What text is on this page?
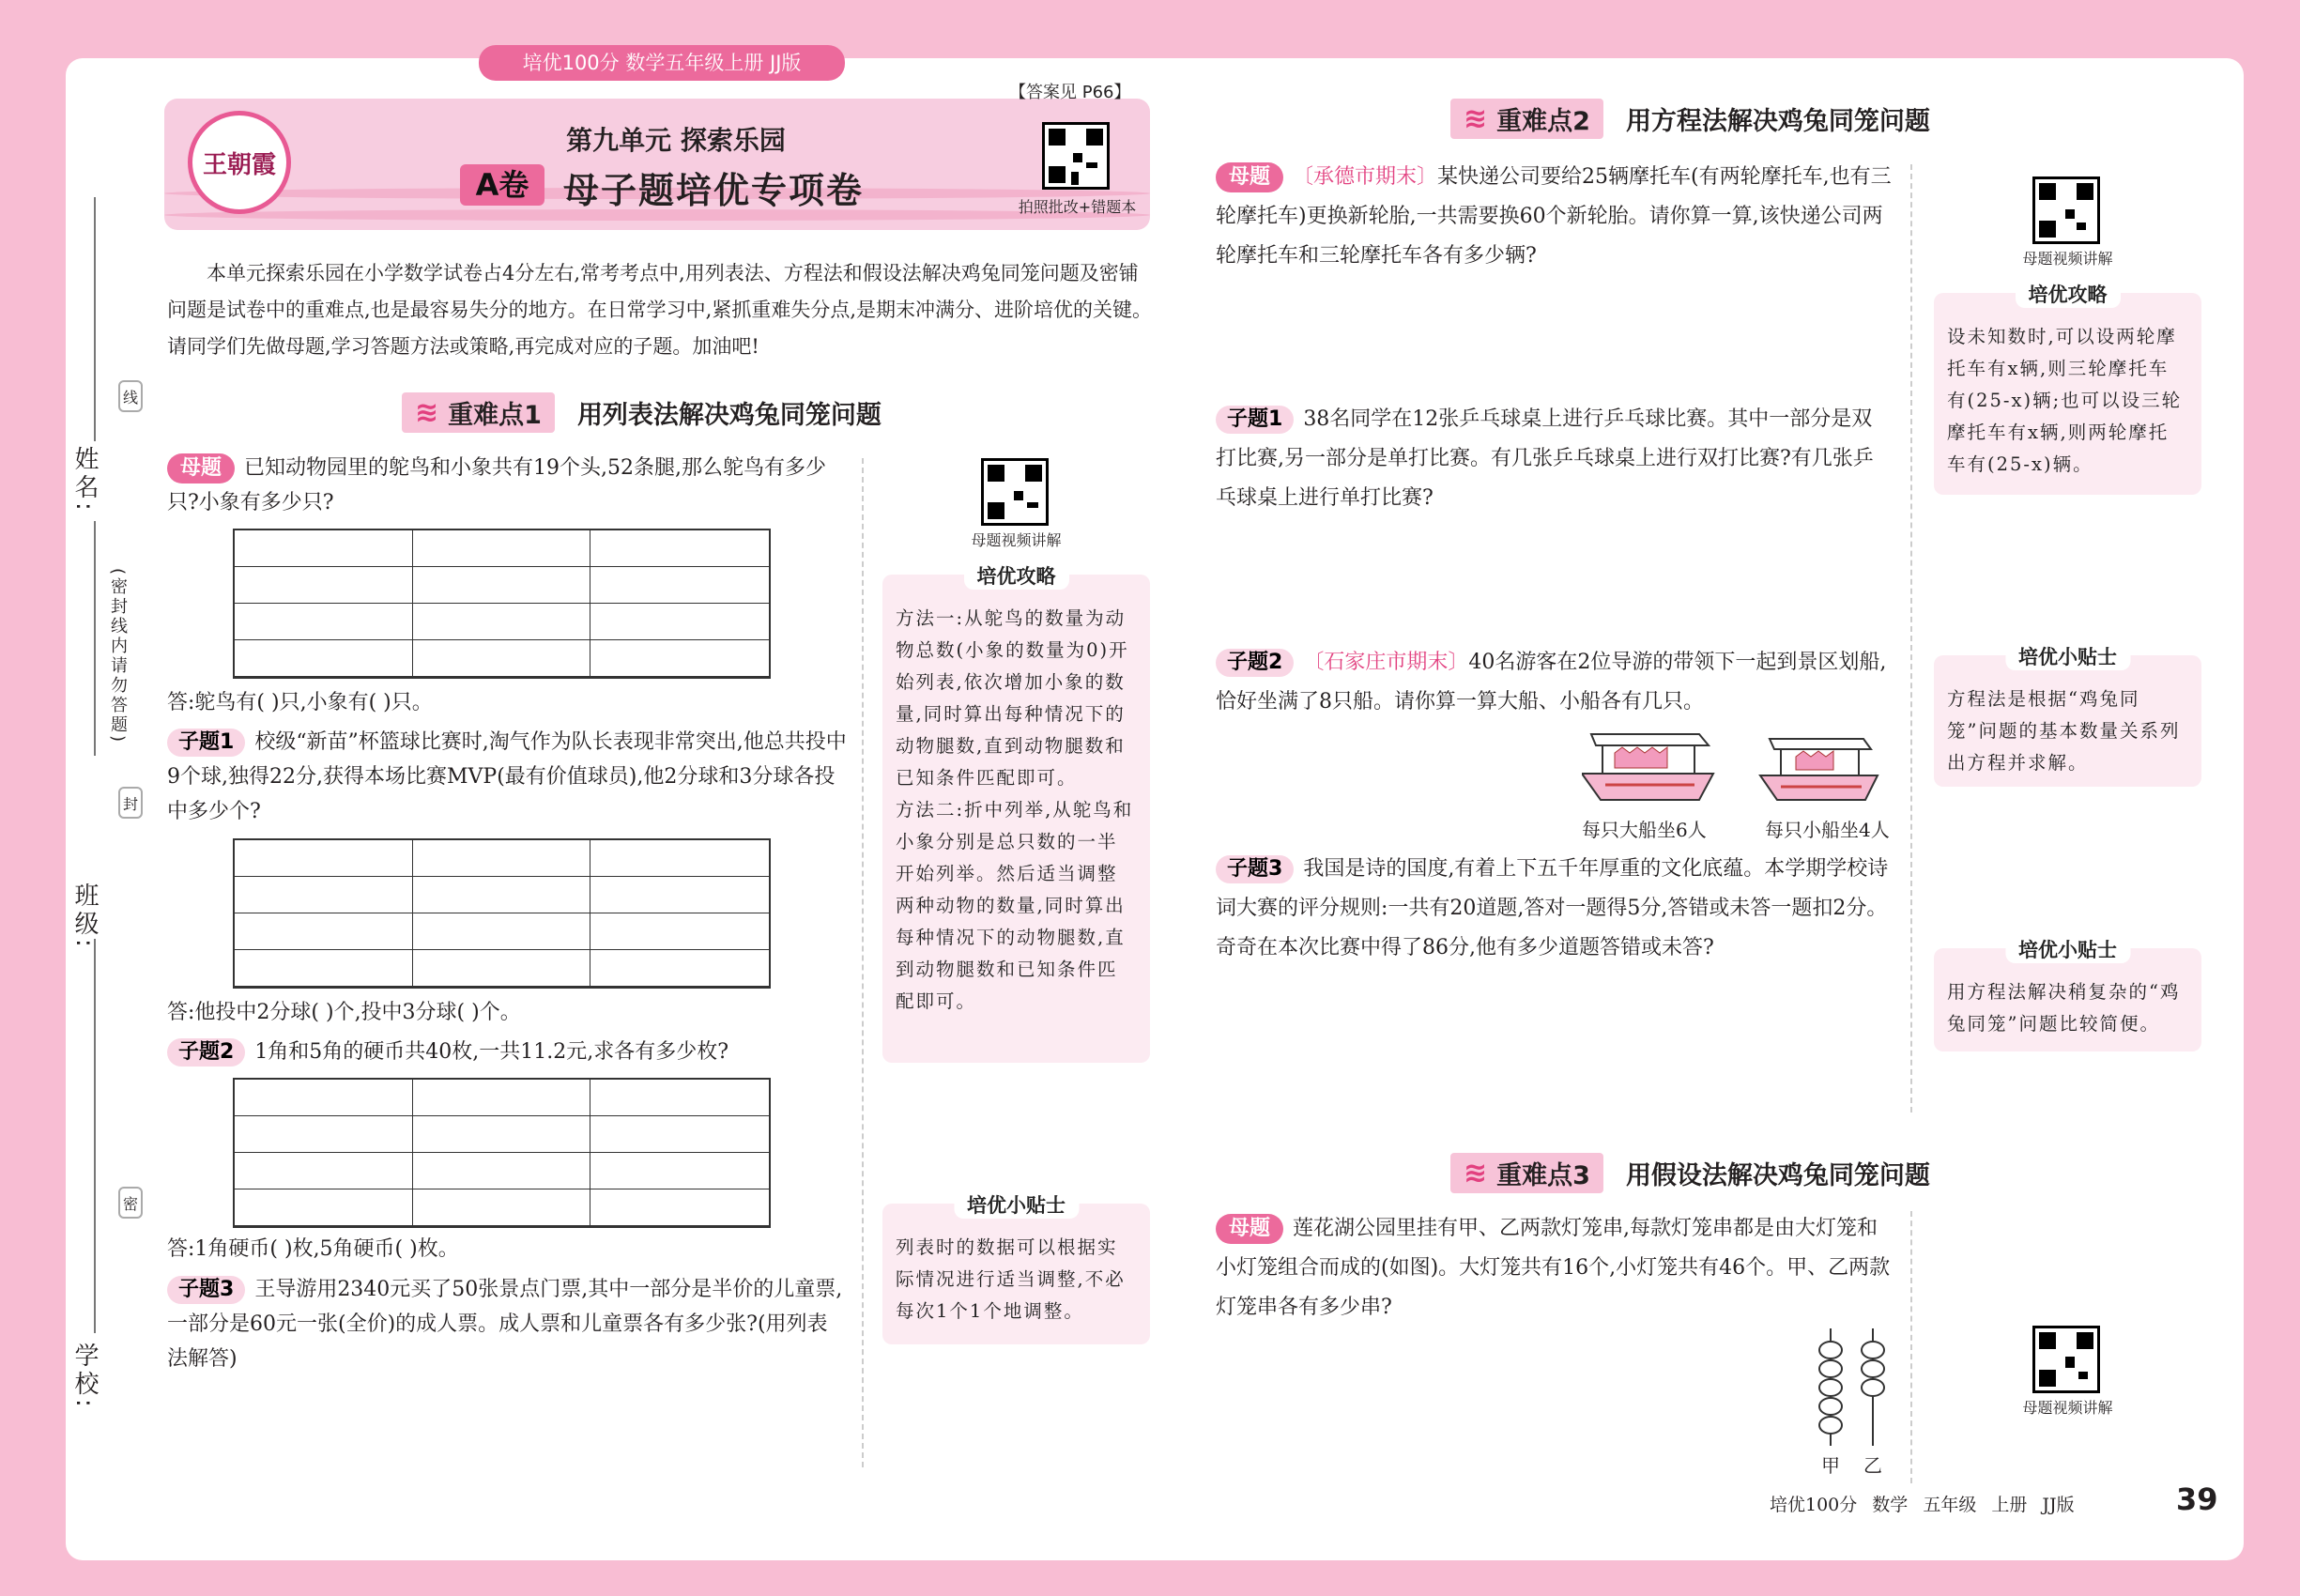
培优100分 数学五年级上册 JJ版
姓名:
线
(密封线内请勿答题)
封
班级:
密
学校:
王朝霞
第九单元 探索乐园
A卷 母子题培优专项卷
【答案见 P66】
拍照批改+错题本
本单元探索乐园在小学数学试卷占4分左右,常考考点中,用列表法、方程法和假设法解决鸡兔同笼问题及密铺问题是试卷中的重难点,也是最容易失分的地方。在日常学习中,紧抓重难失分点,是期末冲满分、进阶培优的关键。请同学们先做母题,学习答题方法或策略,再完成对应的子题。加油吧!
≋ 重难点1 用列表法解决鸡兔同笼问题
母题 已知动物园里的鸵鸟和小象共有19个头,52条腿,那么鸵鸟有多少只?小象有多少只?
答:鸵鸟有( )只,小象有( )只。
子题1 校级“新苗”杯篮球比赛时,淘气作为队长表现非常突出,他总共投中9个球,独得22分,获得本场比赛MVP(最有价值球员),他2分球和3分球各投中多少个?
答:他投中2分球( )个,投中3分球( )个。
子题2 1角和5角的硬币共40枚,一共11.2元,求各有多少枚?
答:1角硬币( )枚,5角硬币( )枚。
子题3 王导游用2340元买了50张景点门票,其中一部分是半价的儿童票,一部分是60元一张(全价)的成人票。成人票和儿童票各有多少张?(用列表法解答)
母题视频讲解
培优攻略
方法一:从鸵鸟的数量为动物总数(小象的数量为0)开始列表,依次增加小象的数量,同时算出每种情况下的动物腿数,直到动物腿数和已知条件匹配即可。
方法二:折中列举,从鸵鸟和小象分别是总只数的一半开始列举。然后适当调整两种动物的数量,同时算出每种情况下的动物腿数,直到动物腿数和已知条件匹配即可。
培优小贴士
列表时的数据可以根据实际情况进行适当调整,不必每次1个1个地调整。
≋ 重难点2 用方程法解决鸡兔同笼问题
母题 〔承德市期末〕某快递公司要给25辆摩托车(有两轮摩托车,也有三轮摩托车)更换新轮胎,一共需要换60个新轮胎。请你算一算,该快递公司两轮摩托车和三轮摩托车各有多少辆?
子题1 38名同学在12张乒乓球桌上进行乒乓球比赛。其中一部分是双打比赛,另一部分是单打比赛。有几张乒乓球桌上进行双打比赛?有几张乒乓球桌上进行单打比赛?
子题2 〔石家庄市期末〕40名游客在2位导游的带领下一起到景区划船,恰好坐满了8只船。请你算一算大船、小船各有几只。
每只大船坐6人	每只小船坐4人
子题3 我国是诗的国度,有着上下五千年厚重的文化底蕴。本学期学校诗词大赛的评分规则:一共有20道题,答对一题得5分,答错或未答一题扣2分。奇奇在本次比赛中得了86分,他有多少道题答错或未答?
母题视频讲解
培优攻略
设未知数时,可以设两轮摩托车有x辆,则三轮摩托车有(25-x)辆;也可以设三轮摩托车有x辆,则两轮摩托车有(25-x)辆。
培优小贴士
方程法是根据“鸡兔同笼”问题的基本数量关系列出方程并求解。
培优小贴士
用方程法解决稍复杂的“鸡兔同笼”问题比较简便。
≋ 重难点3 用假设法解决鸡兔同笼问题
母题 莲花湖公园里挂有甲、乙两款灯笼串,每款灯笼串都是由大灯笼和小灯笼组合而成的(如图)。大灯笼共有16个,小灯笼共有46个。甲、乙两款灯笼串各有多少串?
甲 乙
母题视频讲解
培优100分 数学 五年级 上册 JJ版	39
